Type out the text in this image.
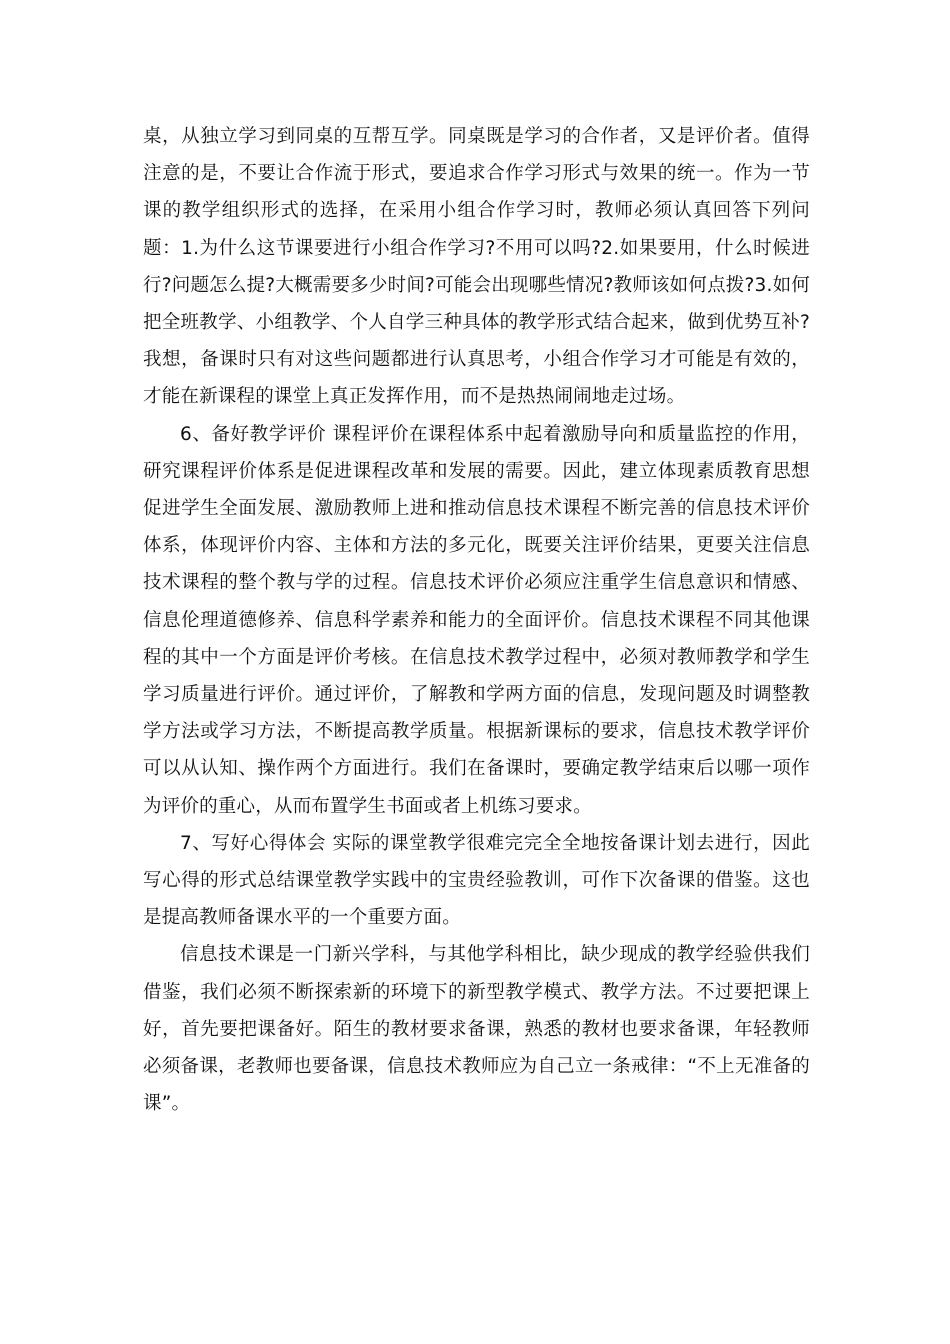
桌，从独立学习到同桌的互帮互学。同桌既是学习的合作者，又是评价者。值得注意的是，不要让合作流于形式，要追求合作学习形式与效果的统一。作为一节课的教学组织形式的选择，在采用小组合作学习时，教师必须认真回答下列问题：1.为什么这节课要进行小组合作学习?不用可以吗?2.如果要用，什么时候进行?问题怎么提?大概需要多少时间?可能会出现哪些情况?教师该如何点拨?3.如何把全班教学、小组教学、个人自学三种具体的教学形式结合起来，做到优势互补?我想，备课时只有对这些问题都进行认真思考，小组合作学习才可能是有效的，才能在新课程的课堂上真正发挥作用，而不是热热闹闹地走过场。

6、备好教学评价 课程评价在课程体系中起着激励导向和质量监控的作用，研究课程评价体系是促进课程改革和发展的需要。因此，建立体现素质教育思想促进学生全面发展、激励教师上进和推动信息技术课程不断完善的信息技术评价体系，体现评价内容、主体和方法的多元化，既要关注评价结果，更要关注信息技术课程的整个教与学的过程。信息技术评价必须应注重学生信息意识和情感、信息伦理道德修养、信息科学素养和能力的全面评价。信息技术课程不同其他课程的其中一个方面是评价考核。在信息技术教学过程中，必须对教师教学和学生学习质量进行评价。通过评价，了解教和学两方面的信息，发现问题及时调整教学方法或学习方法，不断提高教学质量。根据新课标的要求，信息技术教学评价可以从认知、操作两个方面进行。我们在备课时，要确定教学结束后以哪一项作为评价的重心，从而布置学生书面或者上机练习要求。

7、写好心得体会 实际的课堂教学很难完完全全地按备课计划去进行，因此写心得的形式总结课堂教学实践中的宝贵经验教训，可作下次备课的借鉴。这也是提高教师备课水平的一个重要方面。

信息技术课是一门新兴学科，与其他学科相比，缺少现成的教学经验供我们借鉴，我们必须不断探索新的环境下的新型教学模式、教学方法。不过要把课上好，首先要把课备好。陌生的教材要求备课，熟悉的教材也要求备课，年轻教师必须备课，老教师也要备课，信息技术教师应为自己立一条戒律：“不上无准备的课”。
